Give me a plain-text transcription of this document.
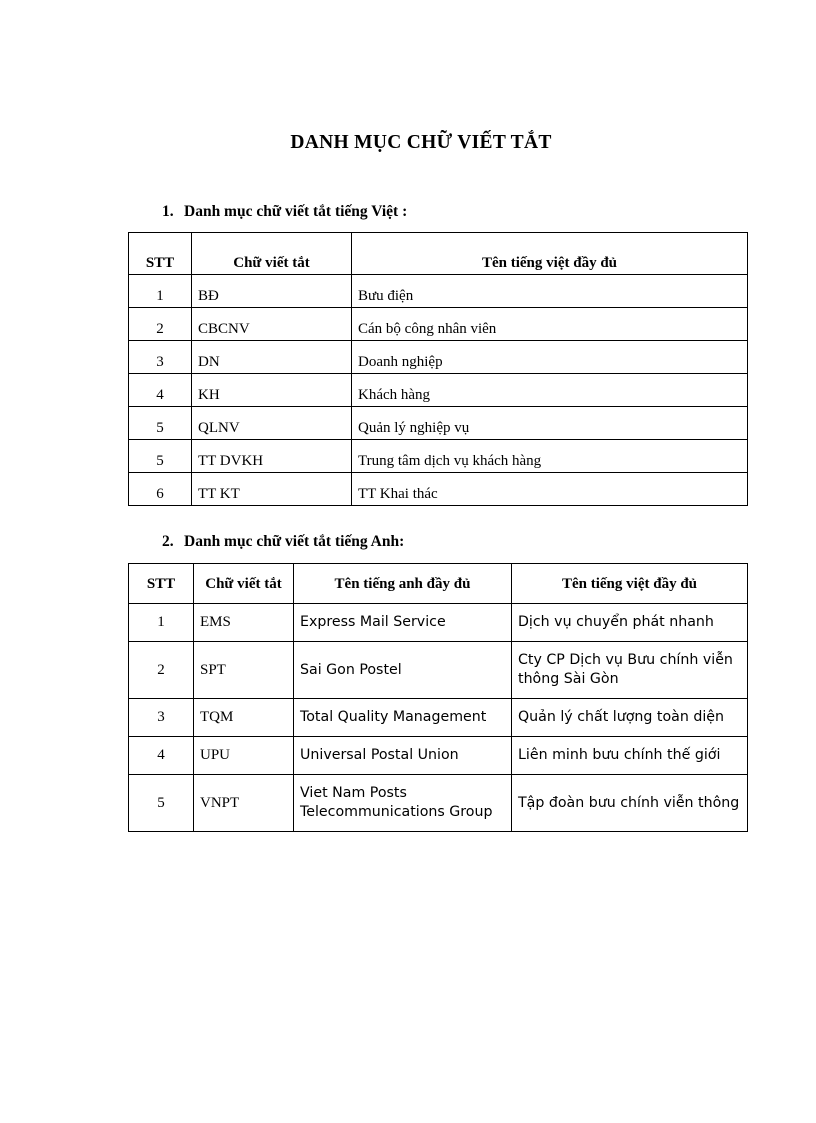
DANH MỤC CHỮ VIẾT TẮT
1. Danh mục chữ viết tắt tiếng Việt :
STT	Chữ viết tắt	Tên tiếng việt đầy đủ
1	BĐ	Bưu điện
2	CBCNV	Cán bộ công nhân viên
3	DN	Doanh nghiệp
4	KH	Khách hàng
5	QLNV	Quản lý nghiệp vụ
5	TT DVKH	Trung tâm dịch vụ khách hàng
6	TT KT	TT Khai thác
2. Danh mục chữ viết tắt tiếng Anh:
STT	Chữ viết tắt	Tên tiếng anh đầy đủ	Tên tiếng việt đầy đủ
1	EMS	Express Mail Service	Dịch vụ chuyển phát nhanh
2	SPT	Sai Gon Postel	Cty CP Dịch vụ Bưu chính viễn thông Sài Gòn
3	TQM	Total Quality Management	Quản lý chất lượng toàn diện
4	UPU	Universal Postal Union	Liên minh bưu chính thế giới
5	VNPT	Viet Nam Posts Telecommunications Group	Tập đoàn bưu chính viễn thông
